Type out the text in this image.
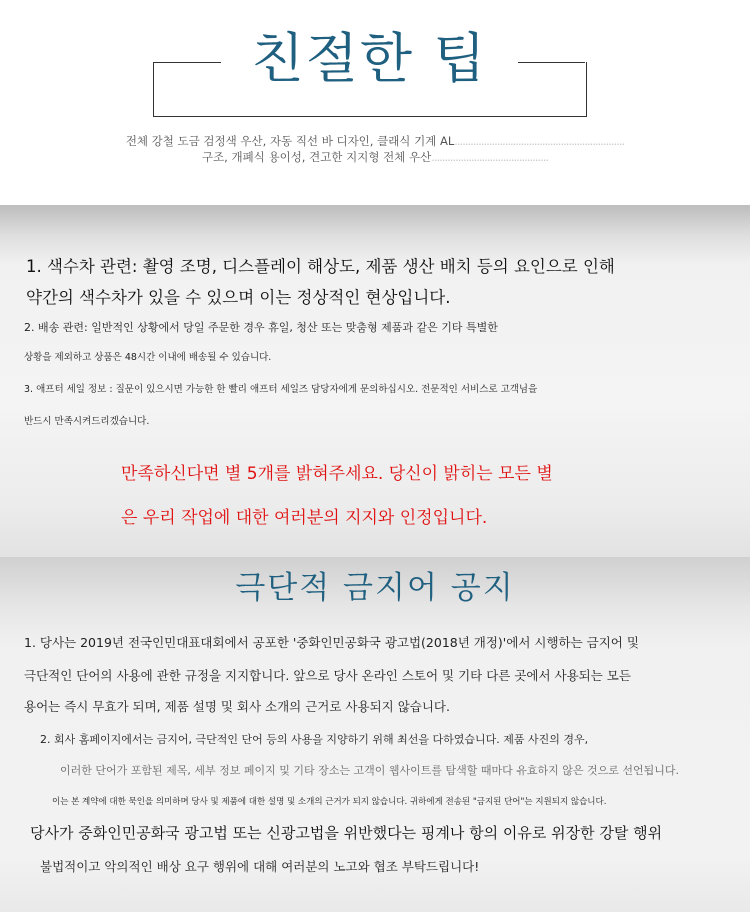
친절한 팁
전체 강철 도금 검정색 우산, 자동 직선 바 디자인, 클래식 기계 AL................................................................
구조, 개폐식 용이성, 견고한 지지형 전체 우산............................................
1. 색수차 관련: 촬영 조명, 디스플레이 해상도, 제품 생산 배치 등의 요인으로 인해
약간의 색수차가 있을 수 있으며 이는 정상적인 현상입니다.
2. 배송 관련: 일반적인 상황에서 당일 주문한 경우 휴일, 청산 또는 맞춤형 제품과 같은 기타 특별한
상황을 제외하고 상품은 48시간 이내에 배송될 수 있습니다.
3. 애프터 세일 정보 : 질문이 있으시면 가능한 한 빨리 애프터 세일즈 담당자에게 문의하십시오. 전문적인 서비스로 고객님을
반드시 만족시켜드리겠습니다.
만족하신다면 별 5개를 밝혀주세요. 당신이 밝히는 모든 별
은 우리 작업에 대한 여러분의 지지와 인정입니다.
극단적 금지어 공지
1. 당사는 2019년 전국인민대표대회에서 공포한 '중화인민공화국 광고법(2018년 개정)'에서 시행하는 금지어 및
극단적인 단어의 사용에 관한 규정을 지지합니다. 앞으로 당사 온라인 스토어 및 기타 다른 곳에서 사용되는 모든
용어는 즉시 무효가 되며, 제품 설명 및 회사 소개의 근거로 사용되지 않습니다.
2. 회사 홈페이지에서는 금지어, 극단적인 단어 등의 사용을 지양하기 위해 최선을 다하였습니다. 제품 사진의 경우,
이러한 단어가 포함된 제목, 세부 정보 페이지 및 기타 장소는 고객이 웹사이트를 탐색할 때마다 유효하지 않은 것으로 선언됩니다.
이는 본 계약에 대한 묵인을 의미하며 당사 및 제품에 대한 설명 및 소개의 근거가 되지 않습니다. 귀하에게 전송된 "금지된 단어"는 지원되지 않습니다.
당사가 중화인민공화국 광고법 또는 신광고법을 위반했다는 핑계나 항의 이유로 위장한 강탈 행위
불법적이고 악의적인 배상 요구 행위에 대해 여러분의 노고와 협조 부탁드립니다!
